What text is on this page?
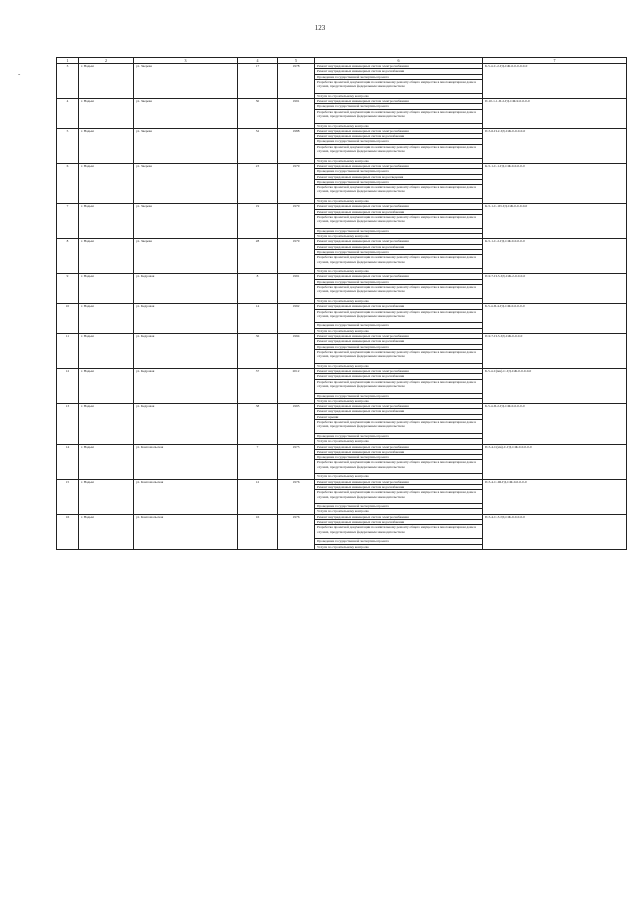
123
-
1	2	3	4	5	6	7
3	г. Надым	ул. Зверева	17	1978	Ремонт внутридомовых инженерных систем электроснабжения	Б-5-4-С-2-ГД-СЖ-0-0-0-0-0-0
					Ремонт внутридомовых инженерных систем водоснабжения	
					Проведение государственной экспертизы проекта	
					Разработка проектной документации по капитальному ремонту общего имущества в многоквартирном доме в случаях, предусмотренных федеральным законодательством	
					Услуги по строительному контролю	
4	г. Надым	ул. Зверева	50	1991	Ремонт внутридомовых инженерных систем электроснабжения	П-10-1-1-П-2-ГД-СЖ-9-0-0-0-0
					Проведение государственной экспертизы проекта	
					Разработка проектной документации по капитальному ремонту общего имущества в многоквартирном доме в случаях, предусмотренных федеральным законодательством	
					Услуги по строительному контролю	
5	г. Надым	ул. Зверева	52	1988	Ремонт внутридомовых инженерных систем электроснабжения	П-5-6-П-2-ГД-СЖ-0-0-0-0-0
					Ремонт внутридомовых инженерных систем водоснабжения	
					Проведение государственной экспертизы проекта	
					Разработка проектной документации по капитальному ремонту общего имущества в многоквартирном доме в случаях, предусмотренных федеральным законодательством	
					Услуги по строительному контролю	
6	г. Надым	ул. Зверева	23	1979	Ремонт внутридомовых инженерных систем электроснабжения	К-5-1-С-1-ГД-СЖ-0-0-0-0-0
					Проведение государственной экспертизы проекта	
					Ремонт внутридомовых инженерных систем водоотведения	
					Проведение государственной экспертизы проекта	
					Разработка проектной документации по капитальному ремонту общего имущества в многоквартирном доме в случаях, предусмотренных федеральным законодательством	
					Услуги по строительному контролю	
7	г. Надым	ул. Зверева	19	1979	Ремонт внутридомовых инженерных систем электроснабжения	К-5-1-С-1П-ГД-СЖ-0-0-0-0-0
					Ремонт внутридомовых инженерных систем водоснабжения	
					Разработка проектной документации по капитальному ремонту общего имущества в многоквартирном доме в случаях, предусмотренных федеральным законодательством	
					Проведение государственной экспертизы проекта	
					Услуги по строительному контролю	
8	г. Надым	ул. Зверева	28	1979	Ремонт внутридомовых инженерных систем электроснабжения	К-5-1-С-2-ГД-СЖ-0-0-0-0-0
					Ремонт внутридомовых инженерных систем водоснабжения	
					Проведение государственной экспертизы проекта	
					Разработка проектной документации по капитальному ремонту общего имущества в многоквартирном доме в случаях, предусмотренных федеральным законодательством	
					Услуги по строительному контролю	
9	г. Надым	ул. Кедровая	8	1991	Ремонт внутридомовых инженерных систем электроснабжения	П-9-7-П-3-ГД-СЖ-2-0-0-0-0
					Проведение государственной экспертизы проекта	
					Разработка проектной документации по капитальному ремонту общего имущества в многоквартирном доме в случаях, предусмотренных федеральным законодательством	
					Услуги по строительному контролю	
10	г. Надым	ул. Кедровая	14	1992	Ремонт внутридомовых инженерных систем водоснабжения	Б-5-4-П-4-ГД-СЖ-0-0-0-0-0
					Разработка проектной документации по капитальному ремонту общего имущества в многоквартирном доме в случаях, предусмотренных федеральным законодательством	
					Проведение государственной экспертизы проекта	
					Услуги по строительному контролю	
11	г. Надым	ул. Кедровая	36	1994	Ремонт внутридомовых инженерных систем электроснабжения	П-9-7-П-3-ГД-СЖ-0-0-0-0
					Ремонт внутридомовых инженерных систем водоснабжения	
					Проведение государственной экспертизы проекта	
					Разработка проектной документации по капитальному ремонту общего имущества в многоквартирном доме в случаях, предусмотренных федеральным законодательством	
					Услуги по строительному контролю	
12	г. Надым	ул. Кедровая	37	2012	Ремонт внутридомовых инженерных систем электроснабжения	Б-5-4-С(мн)-С-ГД-СЖ-0-0-0-0-0
					Ремонт внутридомовых инженерных систем водоснабжения	
					Разработка проектной документации по капитальному ремонту общего имущества в многоквартирном доме в случаях, предусмотренных федеральным законодательством	
					Проведение государственной экспертизы проекта	
					Услуги по строительному контролю	
13	г. Надым	ул. Кедровая	38	1995	Ремонт внутридомовых инженерных систем электроснабжения	Б-5-4-П-2-ГД-СЖ-0-0-0-0-0
					Ремонт внутридомовых инженерных систем водоснабжения	
					Ремонт крыши	
					Разработка проектной документации по капитальному ремонту общего имущества в многоквартирном доме в случаях, предусмотренных федеральным законодательством	
					Проведение государственной экспертизы проекта	
					Услуги по строительному контролю	
14	г. Надым	ул. Комсомольская	7	1973	Ремонт внутридомовых инженерных систем электроснабжения	П-5-4-С(мн)-С-ГД-СЖ-0-0-0-0-0
					Ремонт внутридомовых инженерных систем водоснабжения	
					Проведение государственной экспертизы проекта	
					Разработка проектной документации по капитальному ремонту общего имущества в многоквартирном доме в случаях, предусмотренных федеральным законодательством	
					Услуги по строительному контролю	
15	г. Надым	ул. Комсомольская	12	1976	Ремонт внутридомовых инженерных систем электроснабжения	П-5-4-С-Ш-ГД-СЖ-0-0-0-0-0
					Ремонт внутридомовых инженерных систем водоснабжения	
					Разработка проектной документации по капитальному ремонту общего имущества в многоквартирном доме в случаях, предусмотренных федеральным законодательством	
					Проведение государственной экспертизы проекта	
					Услуги по строительному контролю	
16	г. Надым	ул. Комсомольская	16	1976	Ремонт внутридомовых инженерных систем электроснабжения	П-5-4-С-3-ГД-СЖ-0-0-0-0-0
					Ремонт внутридомовых инженерных систем водоснабжения	
					Разработка проектной документации по капитальному ремонту общего имущества в многоквартирном доме в случаях, предусмотренных федеральным законодательством	
					Проведение государственной экспертизы проекта	
					Услуги по строительному контролю	
